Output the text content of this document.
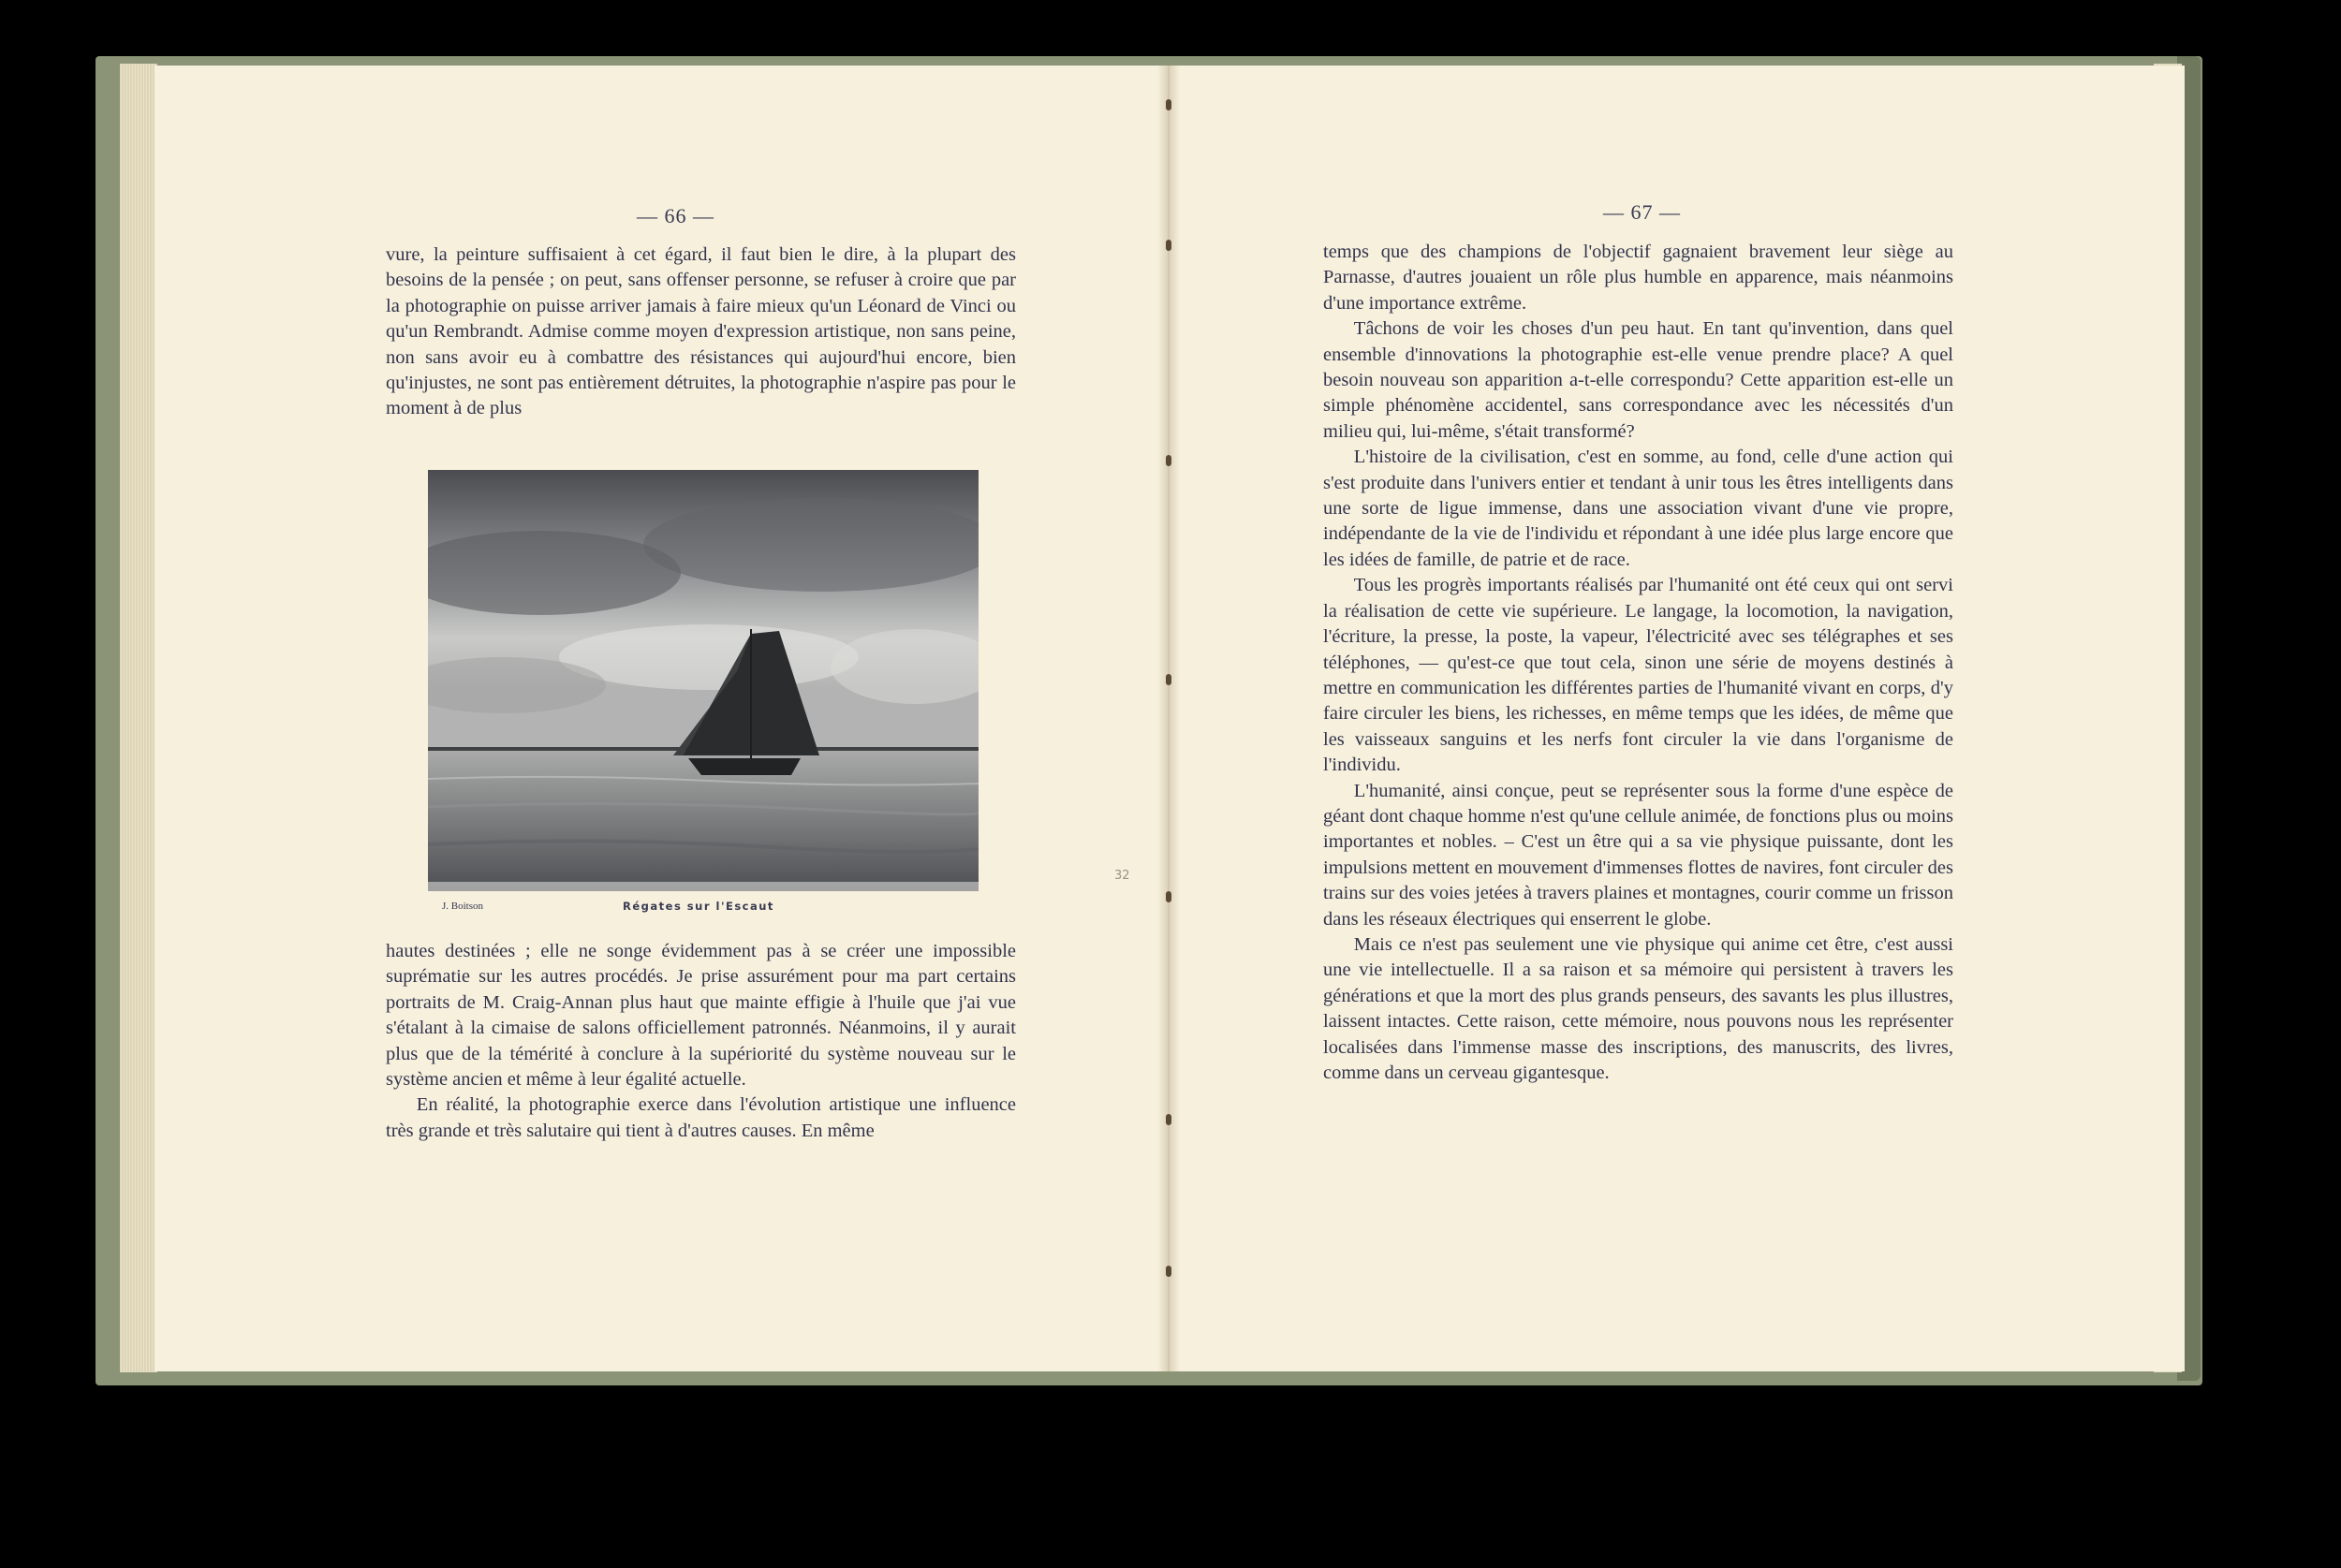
— 66 —

vure, la peinture suffisaient à cet égard, il faut bien le dire, à la plupart des besoins de la pensée ; on peut, sans offenser personne, se refuser à croire que par la photographie on puisse arriver jamais à faire mieux qu'un Léonard de Vinci ou qu'un Rembrandt. Admise comme moyen d'expression artistique, non sans peine, non sans avoir eu à combattre des résistances qui aujourd'hui encore, bien qu'injustes, ne sont pas entièrement détruites, la photographie n'aspire pas pour le moment à de plus

J. Boitson	Régates sur l'Escaut

hautes destinées ; elle ne songe évidemment pas à se créer une impossible suprématie sur les autres procédés. Je prise assurément pour ma part certains portraits de M. Craig-Annan plus haut que mainte effigie à l'huile que j'ai vue s'étalant à la cimaise de salons officiellement patronnés. Néanmoins, il y aurait plus que de la témérité à conclure à la supériorité du système nouveau sur le système ancien et même à leur égalité actuelle.

En réalité, la photographie exerce dans l'évolution artistique une influence très grande et très salutaire qui tient à d'autres causes. En même

32
— 67 —

temps que des champions de l'objectif gagnaient bravement leur siège au Parnasse, d'autres jouaient un rôle plus humble en apparence, mais néanmoins d'une importance extrême.

Tâchons de voir les choses d'un peu haut. En tant qu'invention, dans quel ensemble d'innovations la photographie est-elle venue prendre place? A quel besoin nouveau son apparition a-t-elle correspondu? Cette apparition est-elle un simple phénomène accidentel, sans correspondance avec les nécessités d'un milieu qui, lui-même, s'était transformé?

L'histoire de la civilisation, c'est en somme, au fond, celle d'une action qui s'est produite dans l'univers entier et tendant à unir tous les êtres intelligents dans une sorte de ligue immense, dans une association vivant d'une vie propre, indépendante de la vie de l'individu et répondant à une idée plus large encore que les idées de famille, de patrie et de race.

Tous les progrès importants réalisés par l'humanité ont été ceux qui ont servi la réalisation de cette vie supérieure. Le langage, la locomotion, la navigation, l'écriture, la presse, la poste, la vapeur, l'électricité avec ses télégraphes et ses téléphones, — qu'est-ce que tout cela, sinon une série de moyens destinés à mettre en communication les différentes parties de l'humanité vivant en corps, d'y faire circuler les biens, les richesses, en même temps que les idées, de même que les vaisseaux sanguins et les nerfs font circuler la vie dans l'organisme de l'individu.

L'humanité, ainsi conçue, peut se représenter sous la forme d'une espèce de géant dont chaque homme n'est qu'une cellule animée, de fonctions plus ou moins importantes et nobles. – C'est un être qui a sa vie physique puissante, dont les impulsions mettent en mouvement d'immenses flottes de navires, font circuler des trains sur des voies jetées à travers plaines et montagnes, courir comme un frisson dans les réseaux électriques qui enserrent le globe.

Mais ce n'est pas seulement une vie physique qui anime cet être, c'est aussi une vie intellectuelle. Il a sa raison et sa mémoire qui persistent à travers les générations et que la mort des plus grands penseurs, des savants les plus illustres, laissent intactes. Cette raison, cette mémoire, nous pouvons nous les représenter localisées dans l'immense masse des inscriptions, des manuscrits, des livres, comme dans un cerveau gigantesque.
